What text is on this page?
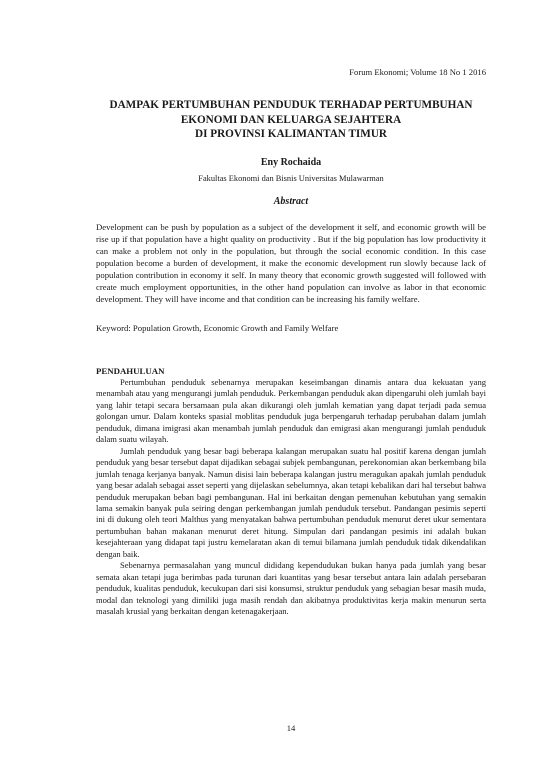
Forum Ekonomi; Volume 18 No 1 2016
DAMPAK PERTUMBUHAN PENDUDUK TERHADAP PERTUMBUHAN
EKONOMI DAN KELUARGA SEJAHTERA
DI PROVINSI KALIMANTAN TIMUR
Eny Rochaida
Fakultas Ekonomi dan Bisnis Universitas Mulawarman
Abstract
Development can be push by population as a subject of the development it self, and economic growth will be rise up if that population have a hight quality on productivity . But if the big population has low productivity it can make a problem not only in the population, but through the social economic condition. In this case population become a burden of development, it make the economic development run slowly because lack of population contribution in economy it self. In many theory that economic growth suggested will followed with create much employment opportunities, in the other hand population can involve as labor in that economic development. They will have income and that condition can be increasing his family welfare.
Keyword: Population Growth, Economic Growth and Family Welfare
PENDAHULUAN

Pertumbuhan penduduk sebenarnya merupakan keseimbangan dinamis antara dua kekuatan yang menambah atau yang mengurangi jumlah penduduk. Perkembangan penduduk akan dipengaruhi oleh jumlah bayi yang lahir tetapi secara bersamaan pula akan dikurangi oleh jumlah kematian yang dapat terjadi pada semua golongan umur. Dalam konteks spasial moblitas penduduk juga berpengaruh terhadap perubahan dalam jumlah penduduk, dimana imigrasi akan menambah jumlah penduduk dan emigrasi akan mengurangi jumlah penduduk dalam suatu wilayah.

Jumlah penduduk yang besar bagi beberapa kalangan merupakan suatu hal positif karena dengan jumlah penduduk yang besar tersebut dapat dijadikan sebagai subjek pembangunan, perekonomian akan berkembang bila jumlah tenaga kerjanya banyak. Namun disisi lain beberapa kalangan justru meragukan apakah jumlah penduduk yang besar adalah sebagai asset seperti yang dijelaskan sebelumnya, akan tetapi kebalikan dari hal tersebut bahwa penduduk merupakan beban bagi pembangunan. Hal ini berkaitan dengan pemenuhan kebutuhan yang semakin lama semakin banyak pula seiring dengan perkembangan jumlah penduduk tersebut. Pandangan pesimis seperti ini di dukung oleh teori Malthus yang menyatakan bahwa pertumbuhan penduduk menurut deret ukur sementara pertumbuhan bahan makanan menurut deret hitung. Simpulan dari pandangan pesimis ini adalah bukan kesejahteraan yang didapat tapi justru kemelaratan akan di temui bilamana jumlah penduduk tidak dikendalikan dengan baik.

Sebenarnya permasalahan yang muncul dididang kependudukan bukan hanya pada jumlah yang besar semata akan tetapi juga berimbas pada turunan dari kuantitas yang besar tersebut antara lain adalah persebaran penduduk, kualitas penduduk, kecukupan dari sisi konsumsi, struktur penduduk yang sebagian besar masih muda, modal dan teknologi yang dimiliki juga masih rendah dan akibatnya produktivitas kerja makin menurun serta masalah krusial yang berkaitan dengan ketenagakerjaan.

14
